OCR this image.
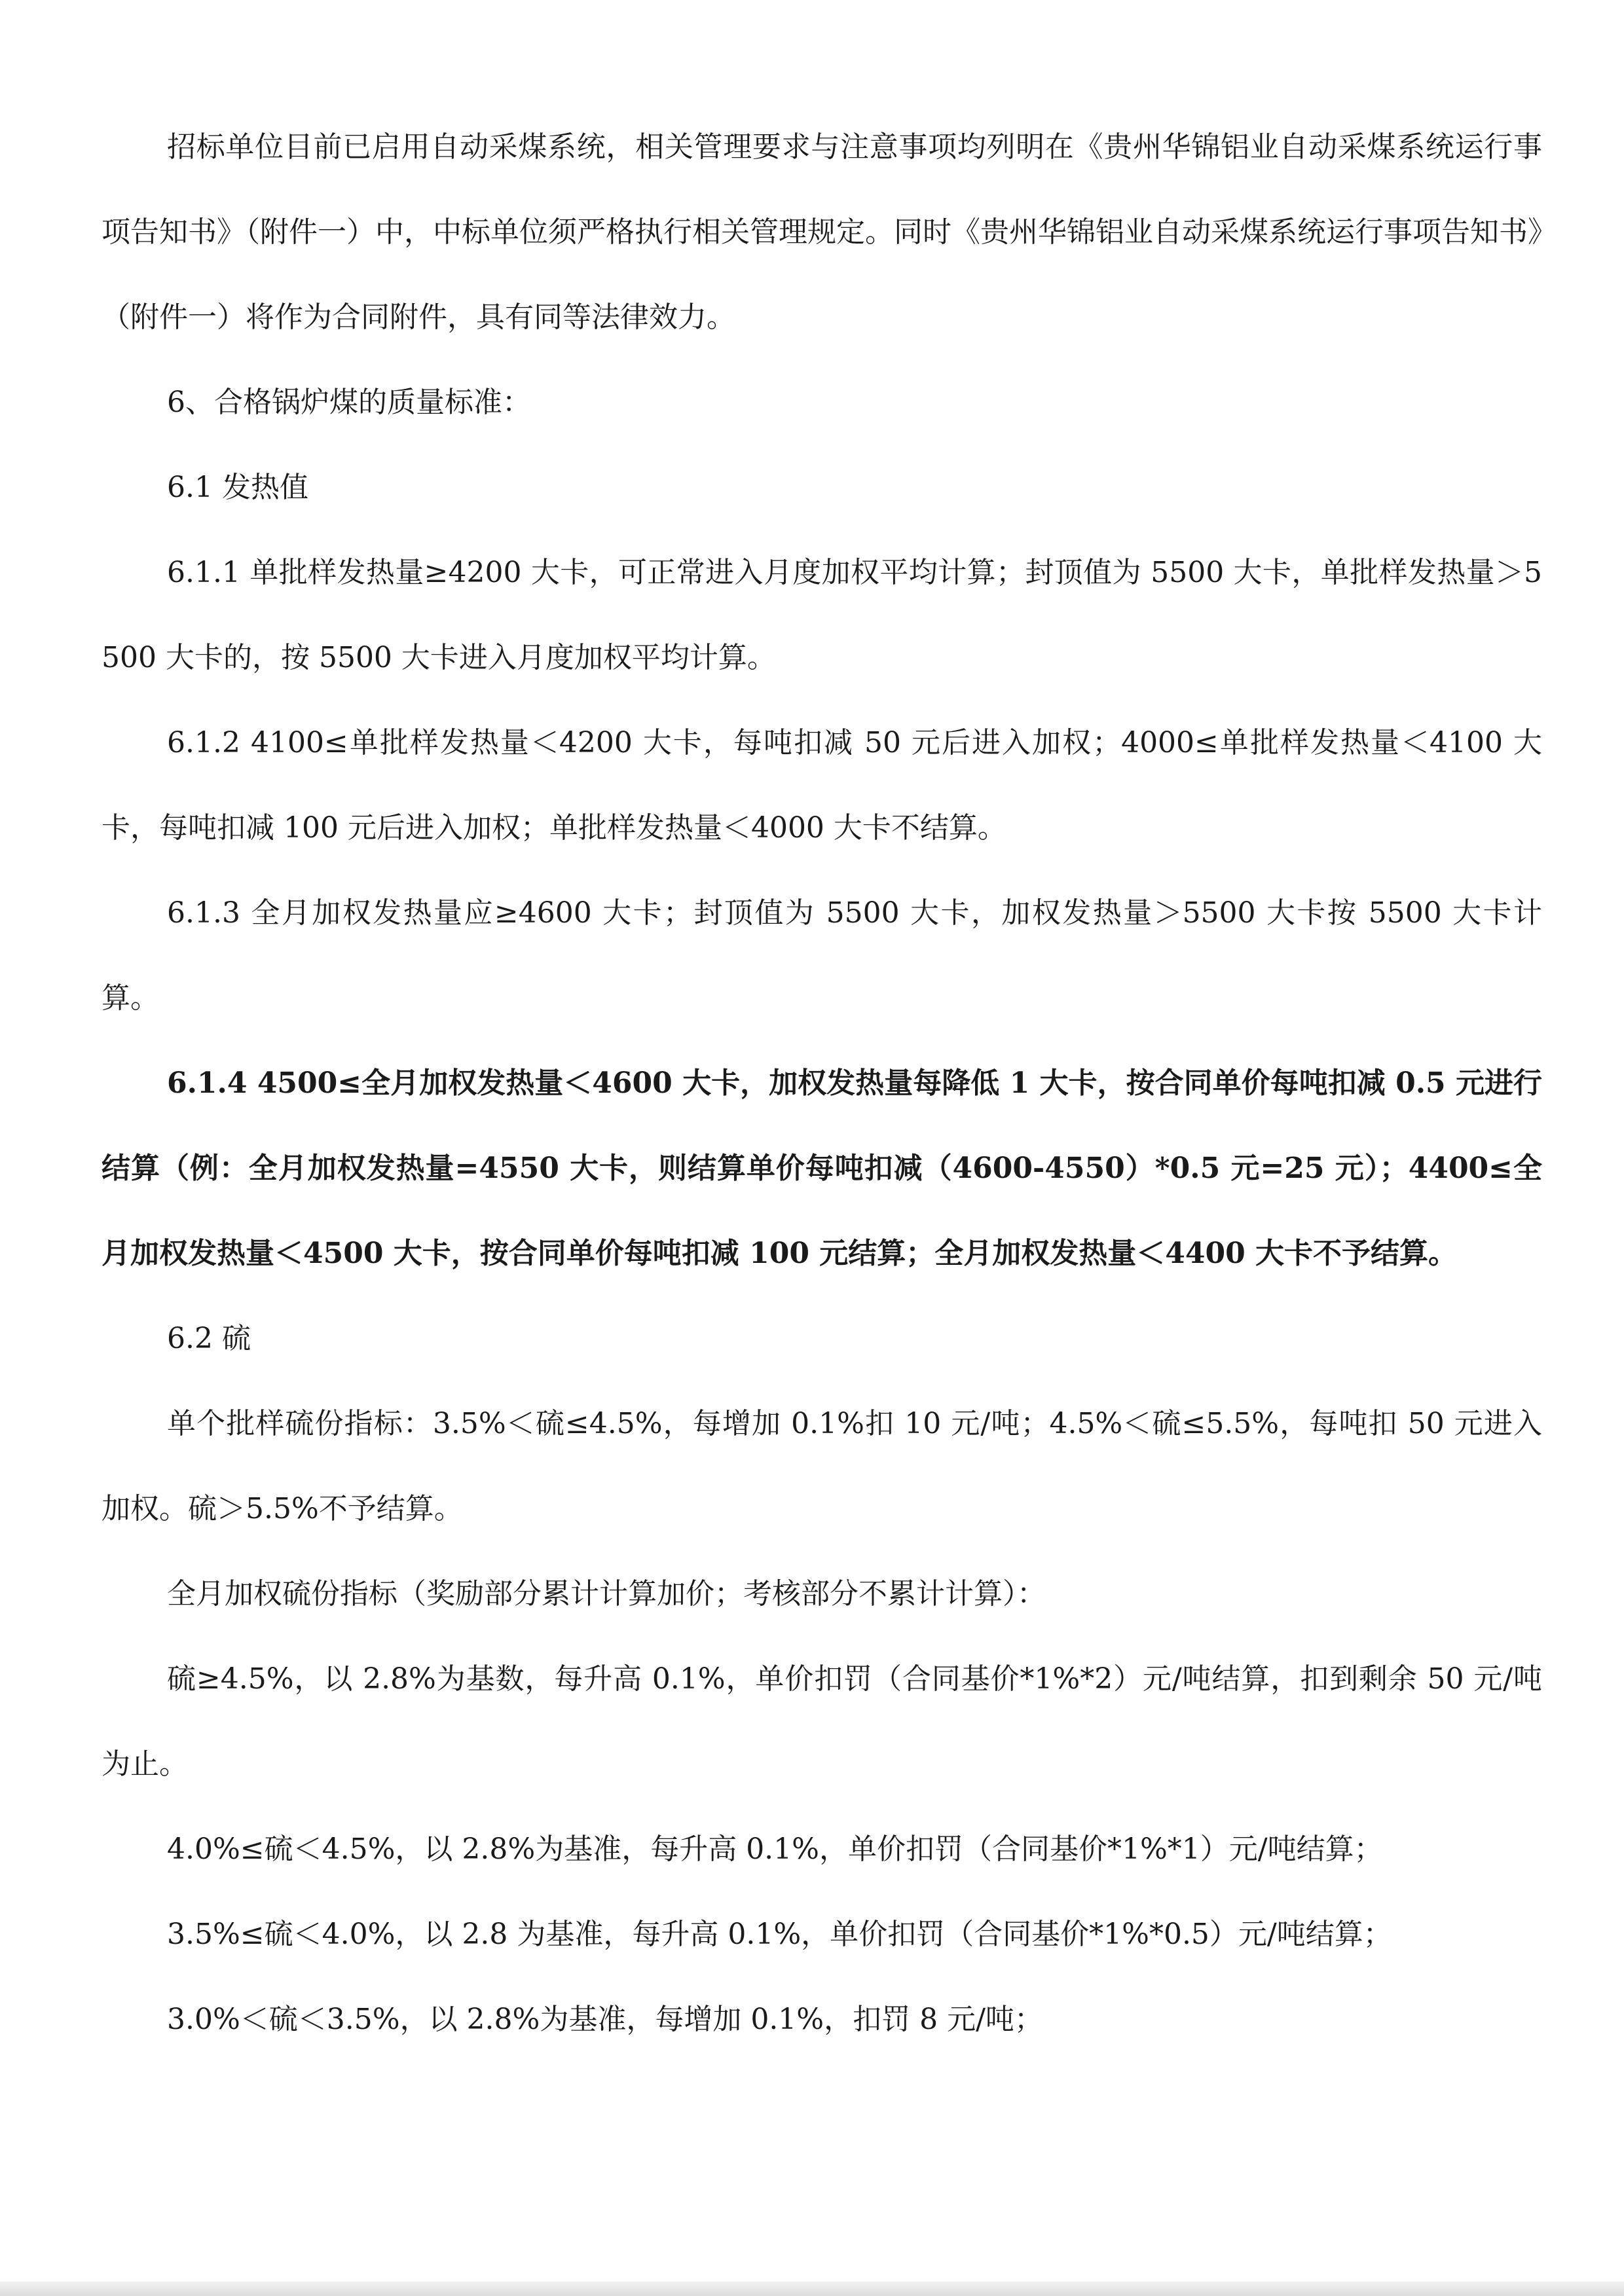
招标单位目前已启用自动采煤系统，相关管理要求与注意事项均列明在《贵州华锦铝业自动采煤系统运行事项告知书》（附件一）中，中标单位须严格执行相关管理规定。同时《贵州华锦铝业自动采煤系统运行事项告知书》（附件一）将作为合同附件，具有同等法律效力。

6、合格锅炉煤的质量标准：

6.1 发热值

6.1.1 单批样发热量≥4200 大卡，可正常进入月度加权平均计算；封顶值为 5500 大卡，单批样发热量＞5500 大卡的，按 5500 大卡进入月度加权平均计算。

6.1.2 4100≤单批样发热量＜4200 大卡，每吨扣减 50 元后进入加权；4000≤单批样发热量＜4100 大卡，每吨扣减 100 元后进入加权；单批样发热量＜4000 大卡不结算。

6.1.3 全月加权发热量应≥4600 大卡；封顶值为 5500 大卡，加权发热量＞5500 大卡按 5500 大卡计算。

6.1.4 4500≤全月加权发热量＜4600 大卡，加权发热量每降低 1 大卡，按合同单价每吨扣减 0.5 元进行结算（例：全月加权发热量=4550 大卡，则结算单价每吨扣减（4600-4550）*0.5 元=25 元）；4400≤全月加权发热量＜4500 大卡，按合同单价每吨扣减 100 元结算；全月加权发热量＜4400 大卡不予结算。

6.2 硫

单个批样硫份指标：3.5%＜硫≤4.5%，每增加 0.1%扣 10 元/吨；4.5%＜硫≤5.5%，每吨扣 50 元进入加权。硫＞5.5%不予结算。

全月加权硫份指标（奖励部分累计计算加价；考核部分不累计计算）：

硫≥4.5%，以 2.8%为基数，每升高 0.1%，单价扣罚（合同基价*1%*2）元/吨结算，扣到剩余 50 元/吨为止。

4.0%≤硫＜4.5%，以 2.8%为基准，每升高 0.1%，单价扣罚（合同基价*1%*1）元/吨结算；

3.5%≤硫＜4.0%，以 2.8 为基准，每升高 0.1%，单价扣罚（合同基价*1%*0.5）元/吨结算；

3.0%＜硫＜3.5%，以 2.8%为基准，每增加 0.1%，扣罚 8 元/吨；
